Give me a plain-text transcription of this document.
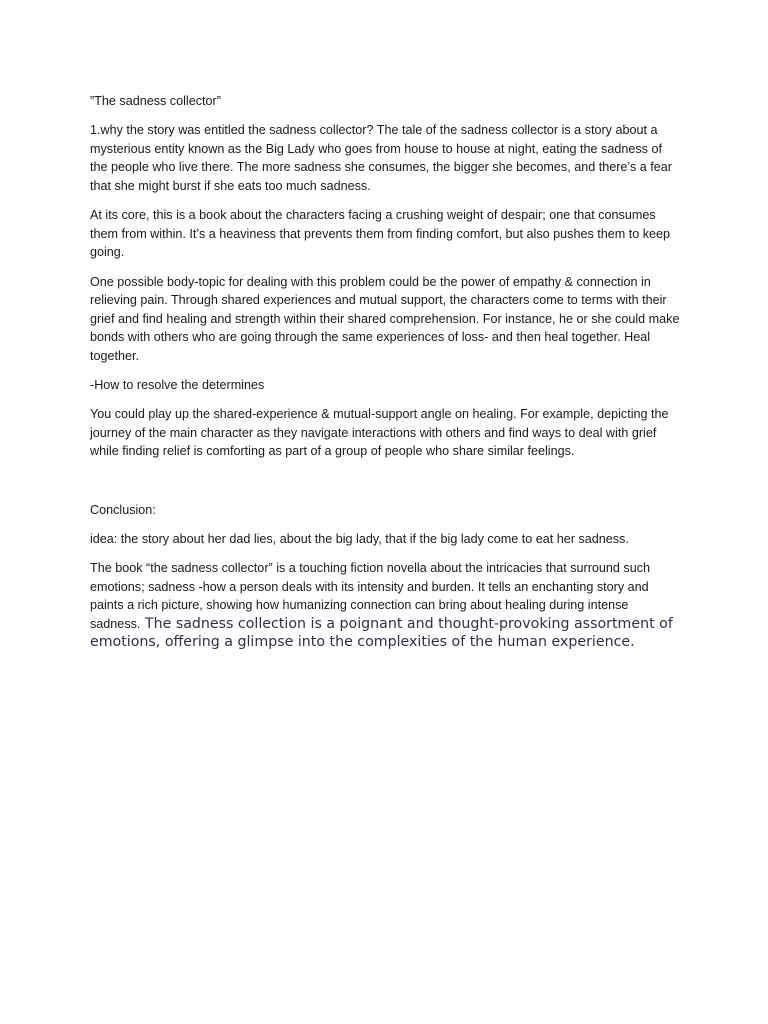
”The sadness collector”

1.why the story was entitled the sadness collector? The tale of the sadness collector is a story about a mysterious entity known as the Big Lady who goes from house to house at night, eating the sadness of the people who live there. The more sadness she consumes, the bigger she becomes, and there’s a fear that she might burst if she eats too much sadness.

At its core, this is a book about the characters facing a crushing weight of despair; one that consumes them from within. It’s a heaviness that prevents them from finding comfort, but also pushes them to keep going.

One possible body-topic for dealing with this problem could be the power of empathy & connection in relieving pain. Through shared experiences and mutual support, the characters come to terms with their grief and find healing and strength within their shared comprehension. For instance, he or she could make bonds with others who are going through the same experiences of loss- and then heal together. Heal together.

-How to resolve the determines

You could play up the shared-experience & mutual-support angle on healing. For example, depicting the journey of the main character as they navigate interactions with others and find ways to deal with grief while finding relief is comforting as part of a group of people who share similar feelings.

Conclusion:

idea: the story about her dad lies, about the big lady, that if the big lady come to eat her sadness.

The book “the sadness collector” is a touching fiction novella about the intricacies that surround such emotions; sadness -how a person deals with its intensity and burden. It tells an enchanting story and paints a rich picture, showing how humanizing connection can bring about healing during intense sadness. The sadness collection is a poignant and thought-provoking assortment of emotions, offering a glimpse into the complexities of the human experience.
